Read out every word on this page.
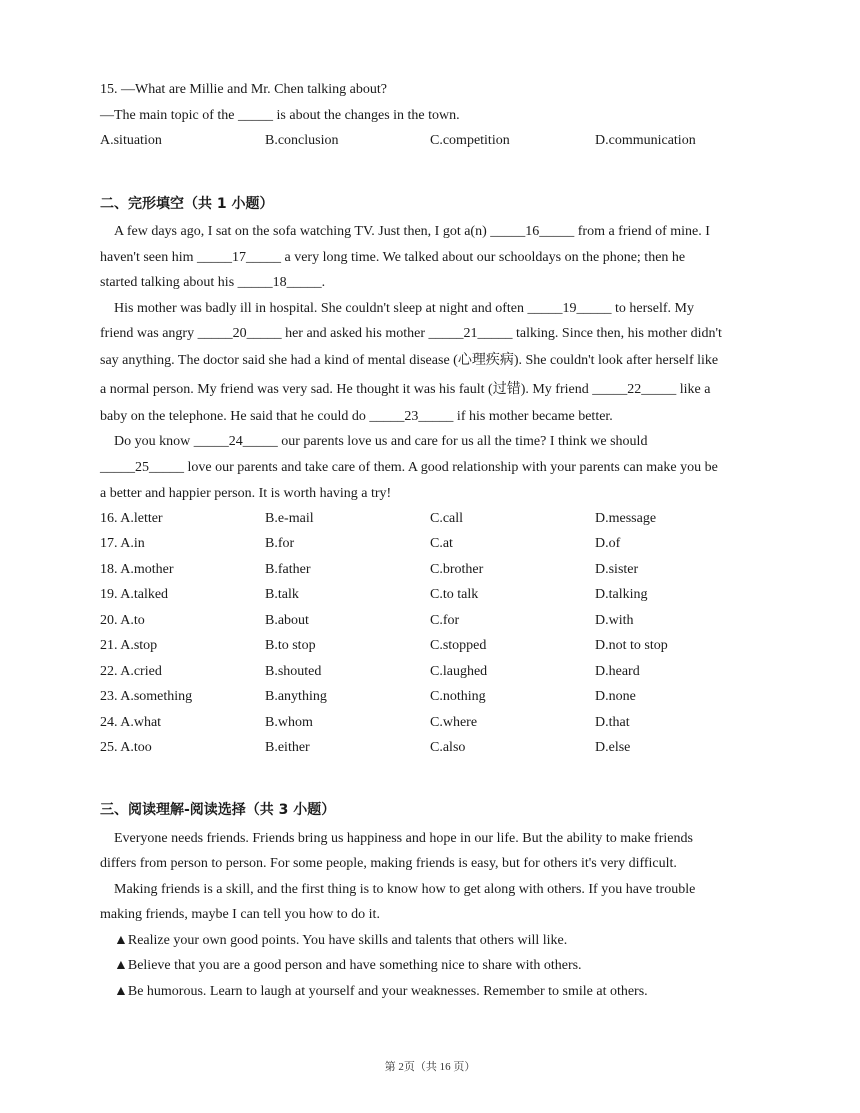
15. —What are Millie and Mr. Chen talking about?
—The main topic of the _____ is about the changes in the town.
A.situation	B.conclusion	C.competition	D.communication
二、完形填空（共 1 小题）
A few days ago, I sat on the sofa watching TV. Just then, I got a(n) _____16_____ from a friend of mine. I
haven't seen him _____17_____ a very long time. We talked about our schooldays on the phone; then he
started talking about his _____18_____.
His mother was badly ill in hospital. She couldn't sleep at night and often _____19_____ to herself. My
friend was angry _____20_____ her and asked his mother _____21_____ talking. Since then, his mother didn't
say anything. The doctor said she had a kind of mental disease (心理疾病). She couldn't look after herself like
a normal person. My friend was very sad. He thought it was his fault (过错). My friend _____22_____ like a
baby on the telephone. He said that he could do _____23_____ if his mother became better.
Do you know _____24_____ our parents love us and care for us all the time? I think we should
_____25_____ love our parents and take care of them. A good relationship with your parents can make you be
a better and happier person. It is worth having a try!
16. A.letter	B.e-mail	C.call	D.message
17. A.in	B.for	C.at	D.of
18. A.mother	B.father	C.brother	D.sister
19. A.talked	B.talk	C.to talk	D.talking
20. A.to	B.about	C.for	D.with
21. A.stop	B.to stop	C.stopped	D.not to stop
22. A.cried	B.shouted	C.laughed	D.heard
23. A.something	B.anything	C.nothing	D.none
24. A.what	B.whom	C.where	D.that
25. A.too	B.either	C.also	D.else
三、阅读理解-阅读选择（共 3 小题）
Everyone needs friends. Friends bring us happiness and hope in our life. But the ability to make friends
differs from person to person. For some people, making friends is easy, but for others it's very difficult.
Making friends is a skill, and the first thing is to know how to get along with others. If you have trouble
making friends, maybe I can tell you how to do it.
▲Realize your own good points. You have skills and talents that others will like.
▲Believe that you are a good person and have something nice to share with others.
▲Be humorous. Learn to laugh at yourself and your weaknesses. Remember to smile at others.
第 2页（共 16 页）
